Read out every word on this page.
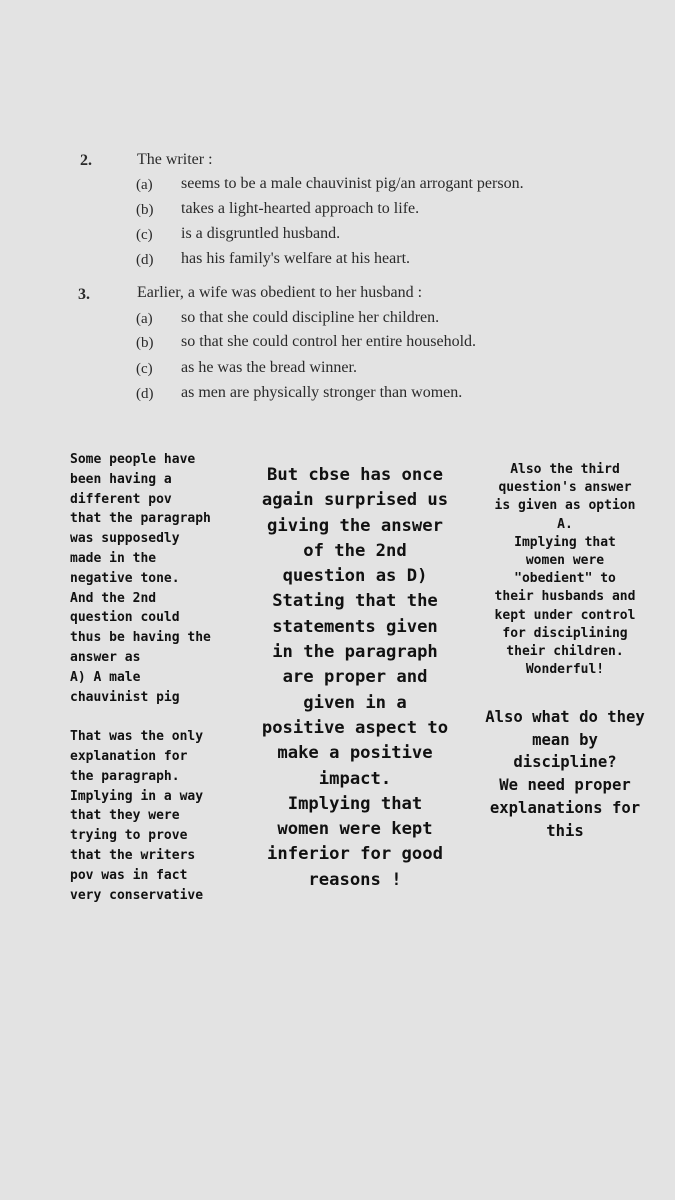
2.	The writer :
(a) seems to be a male chauvinist pig/an arrogant person.
(b) takes a light-hearted approach to life.
(c) is a disgruntled husband.
(d) has his family's welfare at his heart.
3.	Earlier, a wife was obedient to her husband :
(a) so that she could discipline her children.
(b) so that she could control her entire household.
(c) as he was the bread winner.
(d) as men are physically stronger than women.
Some people have
been having a
different pov
that the paragraph
was supposedly
made in the
negative tone.
And the 2nd
question could
thus be having the
answer as
A) A male
chauvinist pig

That was the only
explanation for
the paragraph.
Implying in a way
that they were
trying to prove
that the writers
pov was in fact
very conservative
But cbse has once
again surprised us
giving the answer
of the 2nd
question as D)
Stating that the
statements given
in the paragraph
are proper and
given in a
positive aspect to
make a positive
impact.
Implying that
women were kept
inferior for good
reasons !
Also the third
question's answer
is given as option
A.
Implying that
women were
"obedient" to
their husbands and
kept under control
for disciplining
their children.
Wonderful!
Also what do they
mean by
discipline?
We need proper
explanations for
this
